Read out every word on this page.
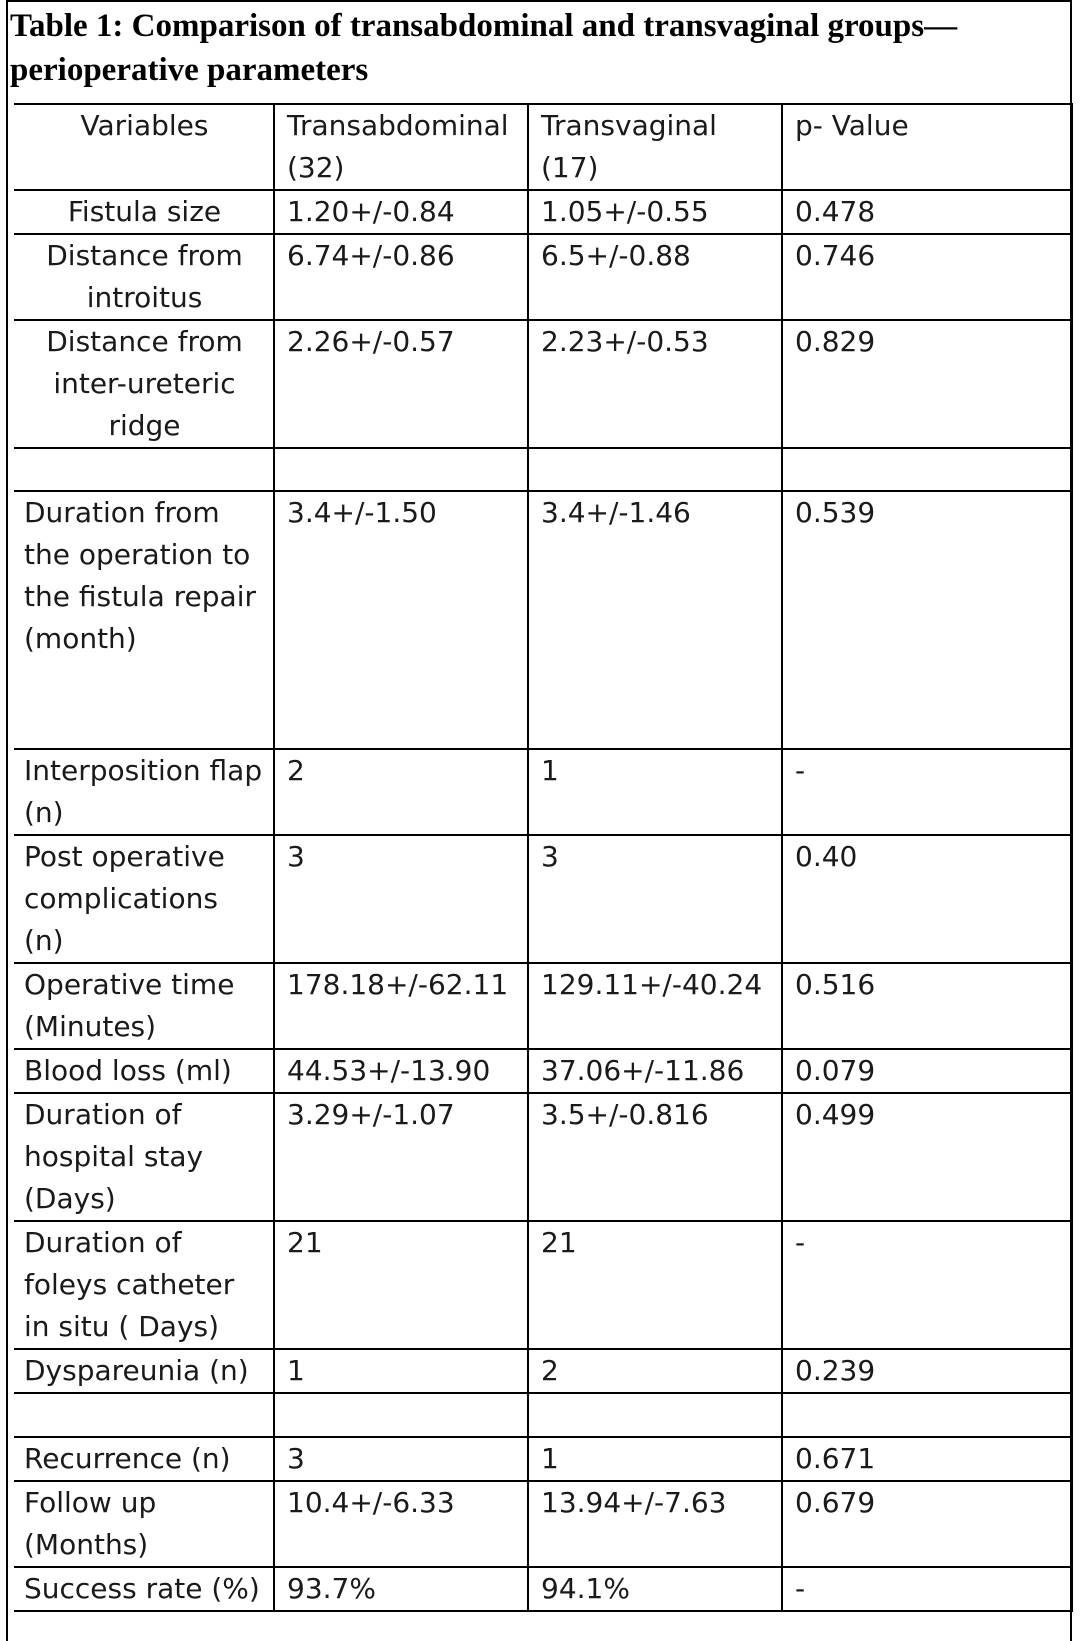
Table 1: Comparison of transabdominal and transvaginal groups—perioperative parameters
Variables	Transabdominal (32)	Transvaginal (17)	p- Value
Fistula size	1.20+/-0.84	1.05+/-0.55	0.478
Distance from introitus	6.74+/-0.86	6.5+/-0.88	0.746
Distance from inter-ureteric ridge	2.26+/-0.57	2.23+/-0.53	0.829

Duration from the operation to the fistula repair (month)	3.4+/-1.50	3.4+/-1.46	0.539
Interposition flap (n)	2	1	-
Post operative complications (n)	3	3	0.40
Operative time (Minutes)	178.18+/-62.11	129.11+/-40.24	0.516
Blood loss (ml)	44.53+/-13.90	37.06+/-11.86	0.079
Duration of hospital stay (Days)	3.29+/-1.07	3.5+/-0.816	0.499
Duration of foleys catheter in situ ( Days)	21	21	-
Dyspareunia (n)	1	2	0.239

Recurrence (n)	3	1	0.671
Follow up (Months)	10.4+/-6.33	13.94+/-7.63	0.679
Success rate (%)	93.7%	94.1%	-
